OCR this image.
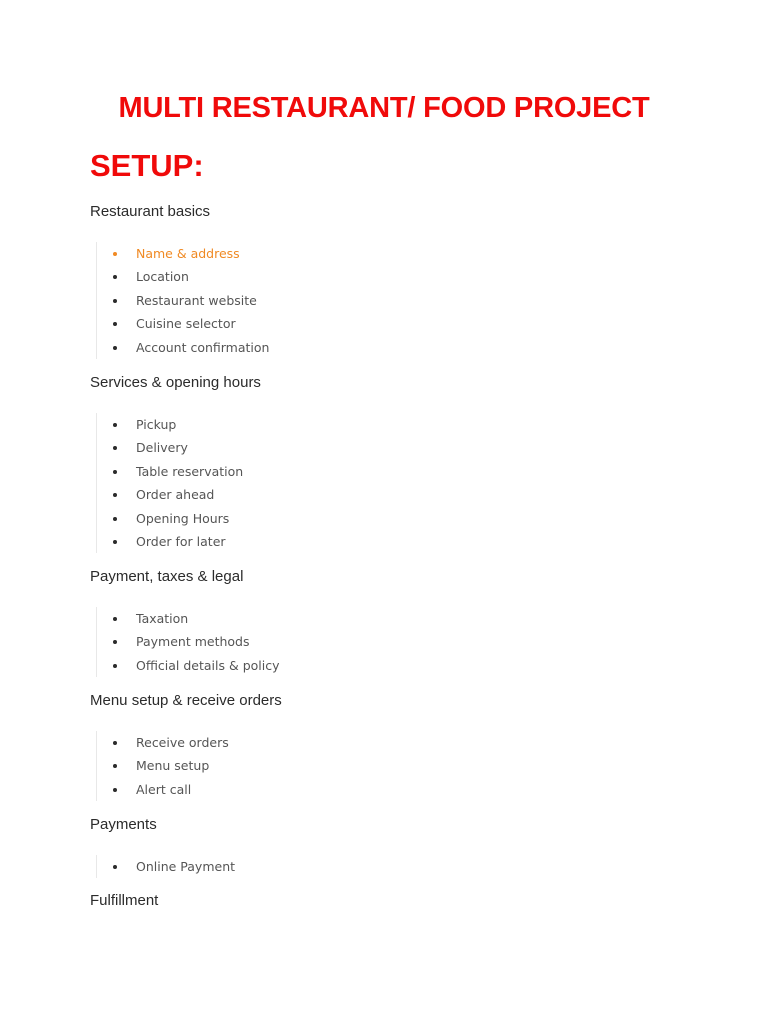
MULTI RESTAURANT/ FOOD PROJECT
SETUP:
Restaurant basics
Name & address
Location
Restaurant website
Cuisine selector
Account confirmation
Services & opening hours
Pickup
Delivery
Table reservation
Order ahead
Opening Hours
Order for later
Payment, taxes & legal
Taxation
Payment methods
Official details & policy
Menu setup & receive orders
Receive orders
Menu setup
Alert call
Payments
Online Payment
Fulfillment
